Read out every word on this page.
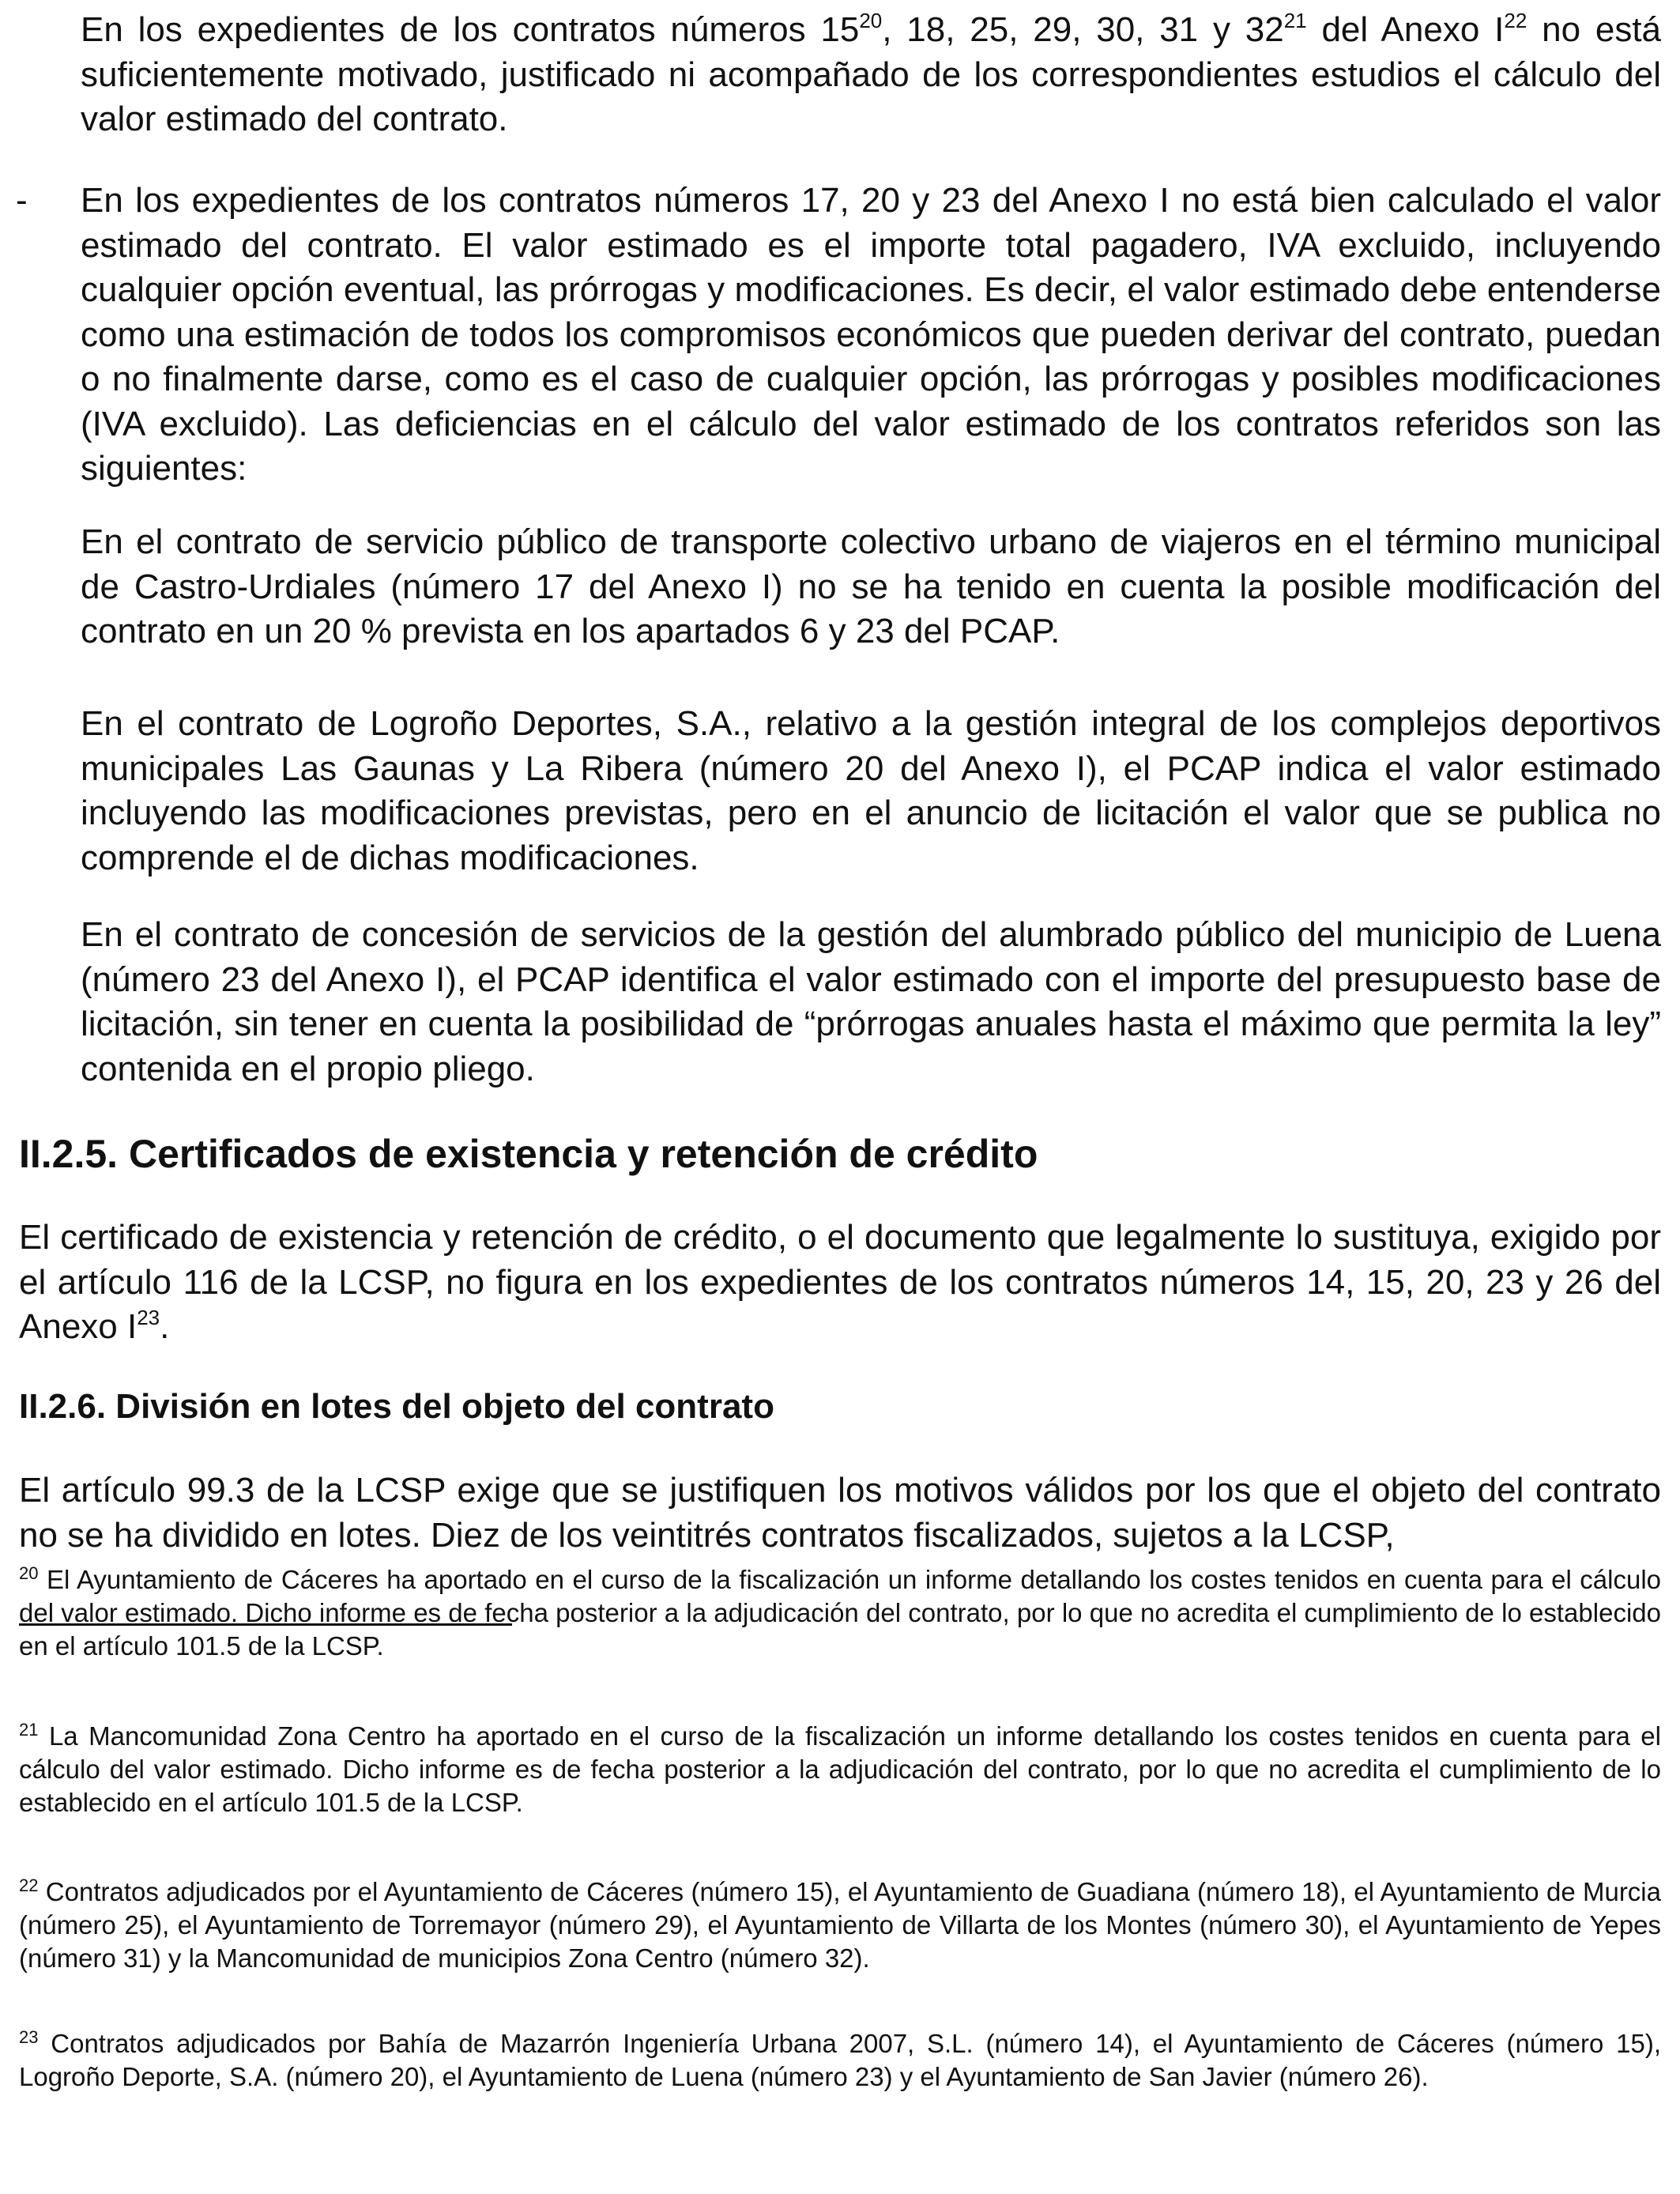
En los expedientes de los contratos números $15^{20}$, 18, 25, 29, 30, 31 y $32^{21}$ del Anexo $I^{22}$ no está suficientemente motivado, justificado ni acompañado de los correspondientes estudios el cálculo del valor estimado del contrato.

- En los expedientes de los contratos números 17, 20 y 23 del Anexo I no está bien calculado el valor estimado del contrato. El valor estimado es el importe total pagadero, IVA excluido, incluyendo cualquier opción eventual, las prórrogas y modificaciones. Es decir, el valor estimado debe entenderse como una estimación de todos los compromisos económicos que pueden derivar del contrato, puedan o no finalmente darse, como es el caso de cualquier opción, las prórrogas y posibles modificaciones (IVA excluido). Las deficiencias en el cálculo del valor estimado de los contratos referidos son las siguientes:

En el contrato de servicio público de transporte colectivo urbano de viajeros en el término municipal de Castro-Urdiales (número 17 del Anexo I) no se ha tenido en cuenta la posible modificación del contrato en un 20 % prevista en los apartados 6 y 23 del PCAP.

En el contrato de Logroño Deportes, S.A., relativo a la gestión integral de los complejos deportivos municipales Las Gaunas y La Ribera (número 20 del Anexo I), el PCAP indica el valor estimado incluyendo las modificaciones previstas, pero en el anuncio de licitación el valor que se publica no comprende el de dichas modificaciones.

En el contrato de concesión de servicios de la gestión del alumbrado público del municipio de Luena (número 23 del Anexo I), el PCAP identifica el valor estimado con el importe del presupuesto base de licitación, sin tener en cuenta la posibilidad de “prórrogas anuales hasta el máximo que permita la ley” contenida en el propio pliego.

II.2.5. Certificados de existencia y retención de crédito

El certificado de existencia y retención de crédito, o el documento que legalmente lo sustituya, exigido por el artículo 116 de la LCSP, no figura en los expedientes de los contratos números 14, 15, 20, 23 y 26 del Anexo $I^{23}$.

II.2.6. División en lotes del objeto del contrato

El artículo 99.3 de la LCSP exige que se justifiquen los motivos válidos por los que el objeto del contrato no se ha dividido en lotes. Diez de los veintitrés contratos fiscalizados, sujetos a la LCSP,

$^{20}$ El Ayuntamiento de Cáceres ha aportado en el curso de la fiscalización un informe detallando los costes tenidos en cuenta para el cálculo del valor estimado. Dicho informe es de fecha posterior a la adjudicación del contrato, por lo que no acredita el cumplimiento de lo establecido en el artículo 101.5 de la LCSP.

$^{21}$ La Mancomunidad Zona Centro ha aportado en el curso de la fiscalización un informe detallando los costes tenidos en cuenta para el cálculo del valor estimado. Dicho informe es de fecha posterior a la adjudicación del contrato, por lo que no acredita el cumplimiento de lo establecido en el artículo 101.5 de la LCSP.

$^{22}$ Contratos adjudicados por el Ayuntamiento de Cáceres (número 15), el Ayuntamiento de Guadiana (número 18), el Ayuntamiento de Murcia (número 25), el Ayuntamiento de Torremayor (número 29), el Ayuntamiento de Villarta de los Montes (número 30), el Ayuntamiento de Yepes (número 31) y la Mancomunidad de municipios Zona Centro (número 32).

$^{23}$ Contratos adjudicados por Bahía de Mazarrón Ingeniería Urbana 2007, S.L. (número 14), el Ayuntamiento de Cáceres (número 15), Logroño Deporte, S.A. (número 20), el Ayuntamiento de Luena (número 23) y el Ayuntamiento de San Javier (número 26).
